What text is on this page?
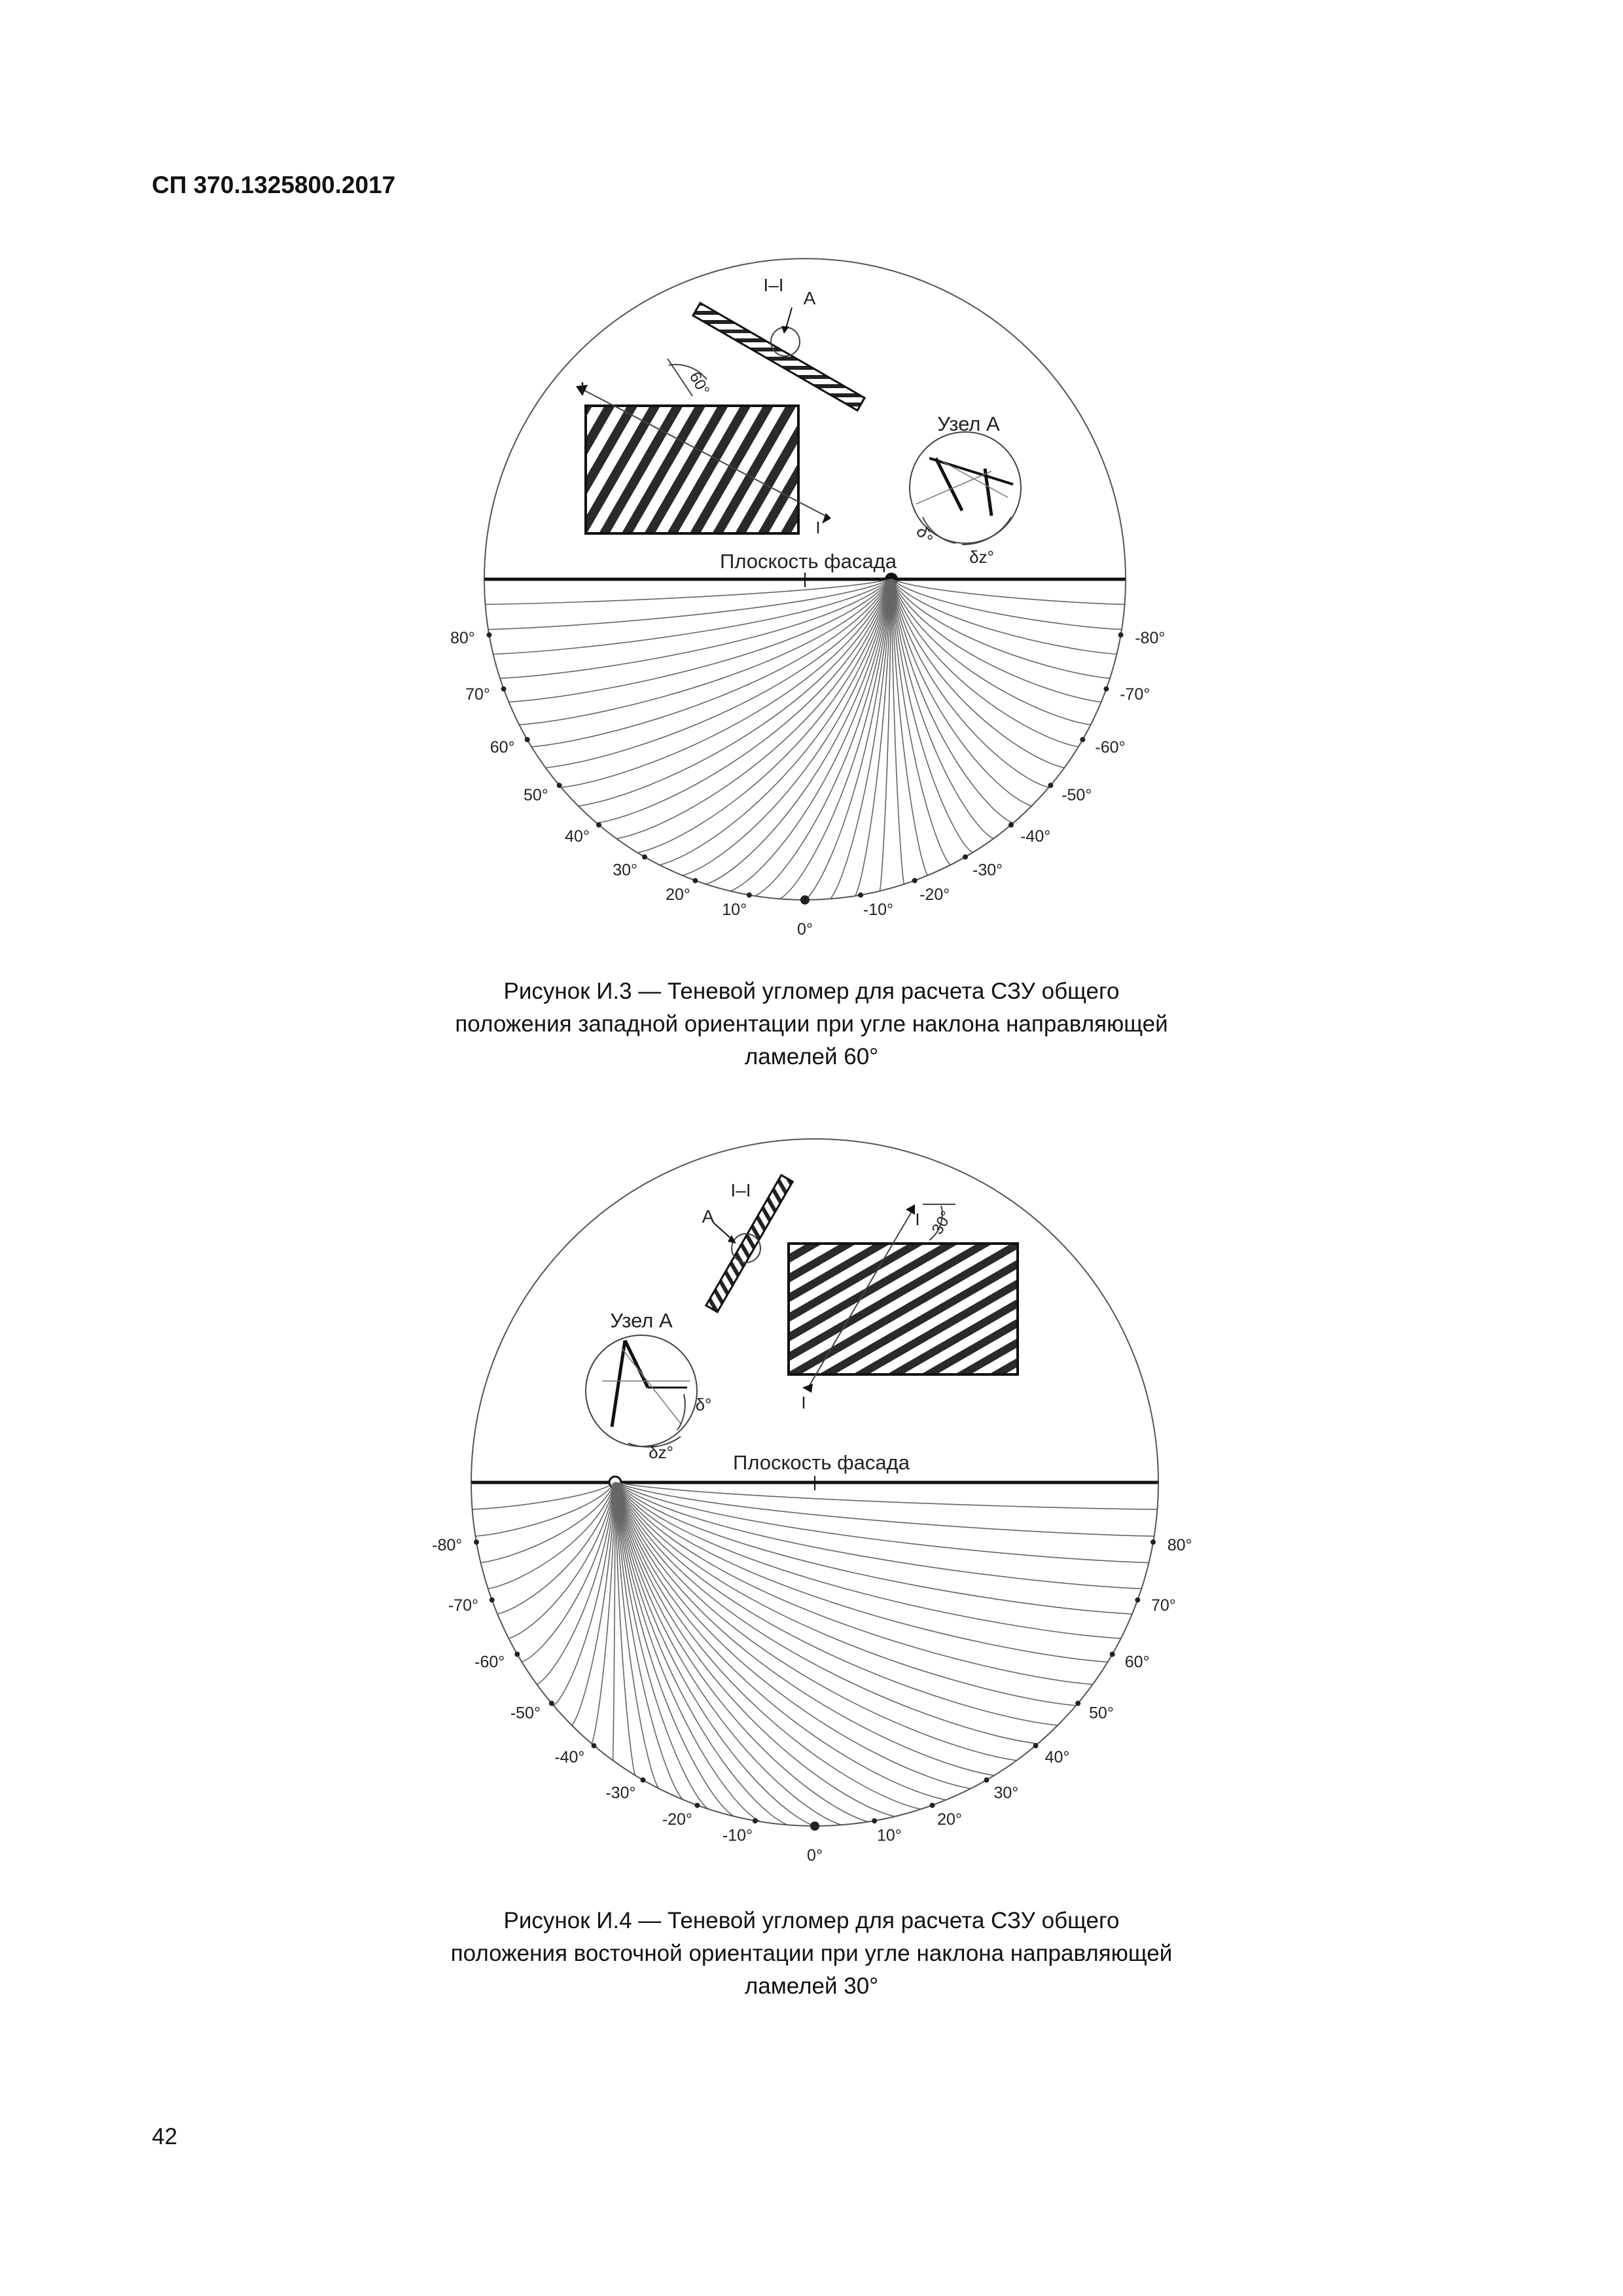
СП 370.1325800.2017
Плоскость фасада
Узел А
I–I
А
I
I
60°
δ°
δz°
80°
70°
60°
50°
40°
30°
20°
10°
0°
-10°
-20°
-30°
-40°
-50°
-60°
-70°
-80°
Рисунок И.3 — Теневой угломер для расчета СЗУ общего
положения западной ориентации при угле наклона направляющей
ламелей 60°
Плоскость фасада
Узел А
I–I
А	I
I
30°
δ°
δz°
-80°
-70°
-60°
-50°
-40°
-30°
-20°
-10°
0°
10°
20°
30°
40°
50°
60°
70°
80°
Рисунок И.4 — Теневой угломер для расчета СЗУ общего
положения восточной ориентации при угле наклона направляющей
ламелей 30°
42
